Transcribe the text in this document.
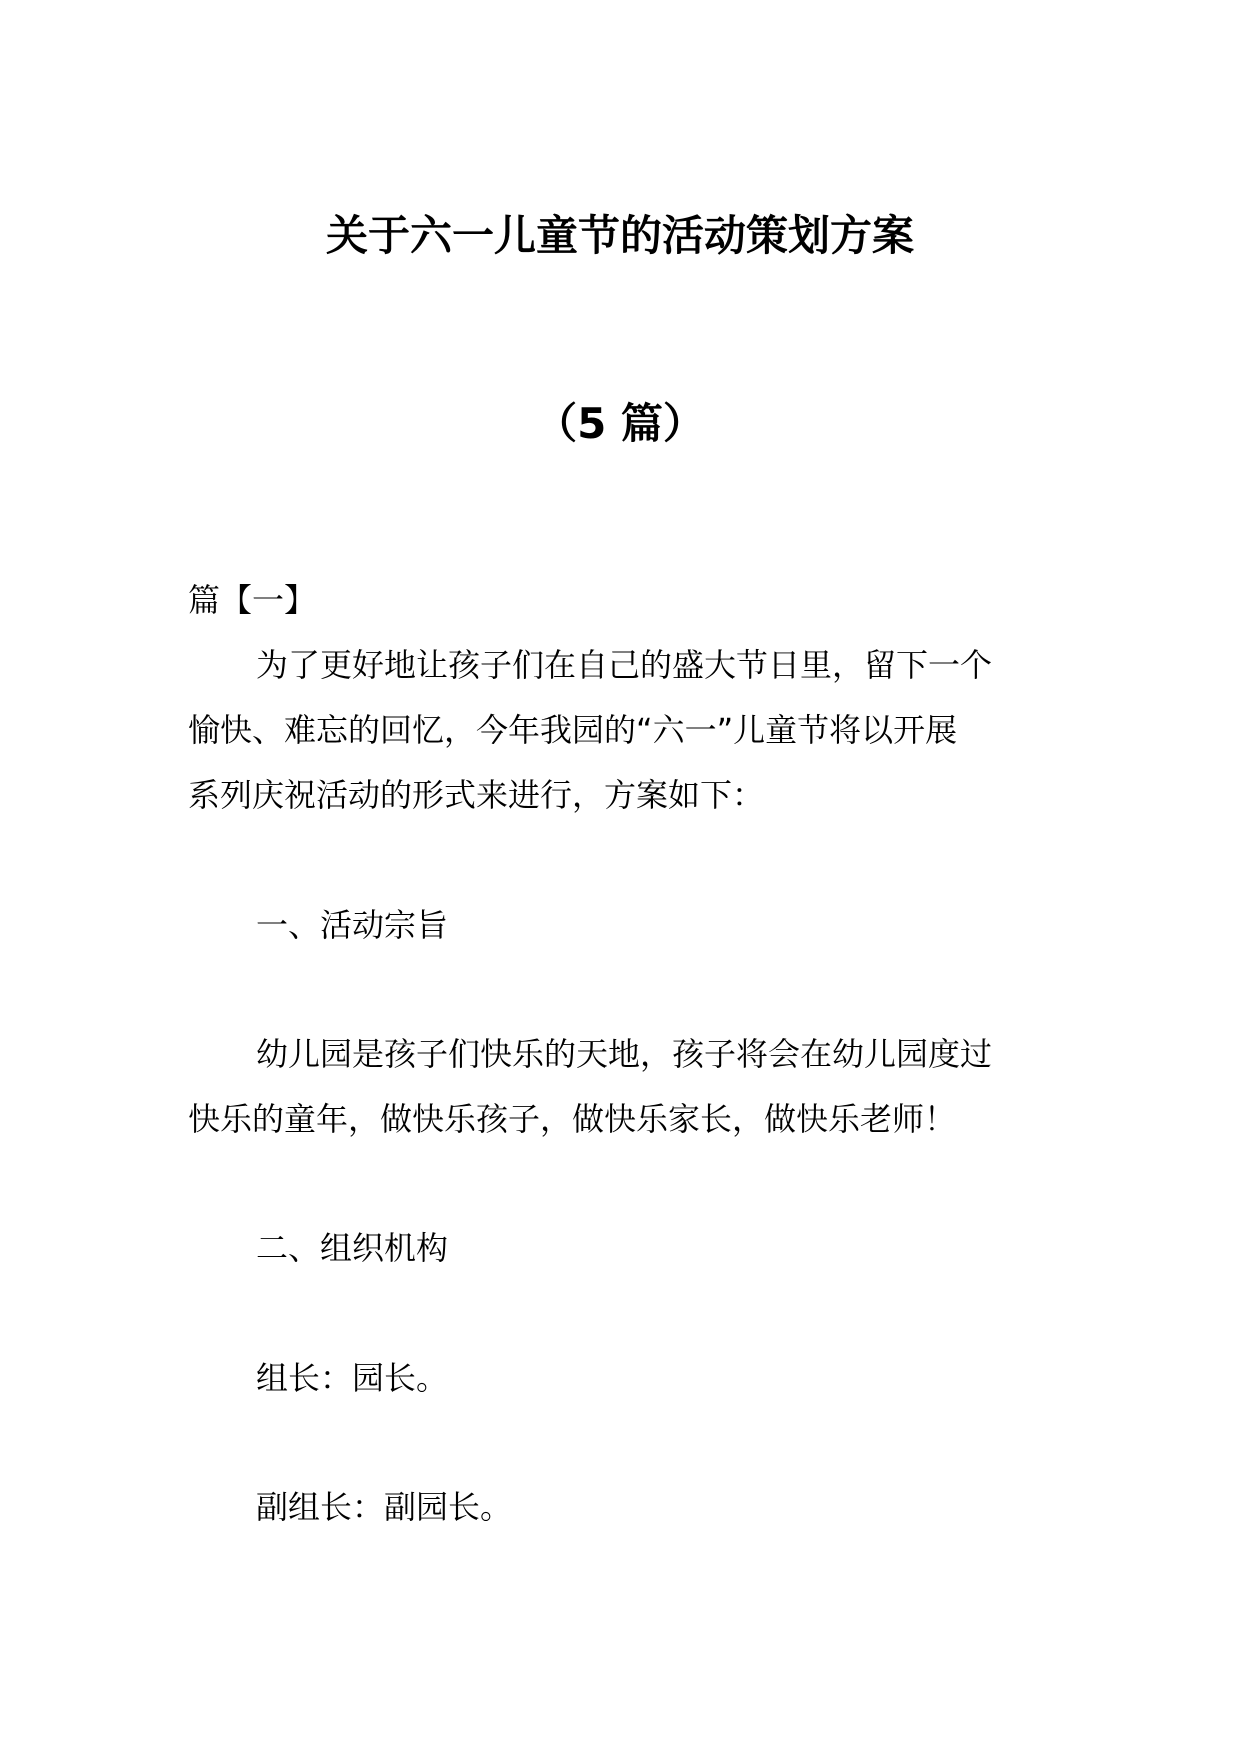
关于六一儿童节的活动策划方案
（5 篇）

篇【一】

为了更好地让孩子们在自己的盛大节日里，留下一个

愉快、难忘的回忆，今年我园的“六一”儿童节将以开展

系列庆祝活动的形式来进行，方案如下：

一、活动宗旨

幼儿园是孩子们快乐的天地，孩子将会在幼儿园度过

快乐的童年，做快乐孩子，做快乐家长，做快乐老师！

二、组织机构

组长：园长。

副组长：副园长。
